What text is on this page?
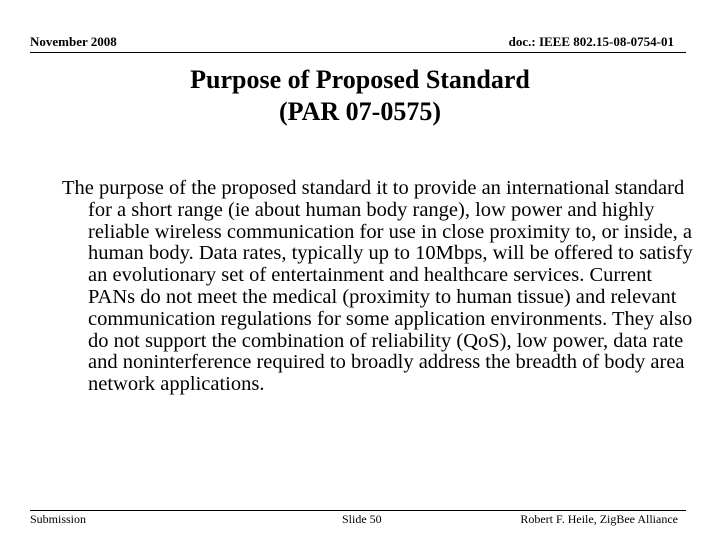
November 2008	doc.: IEEE 802.15-08-0754-01
Purpose of Proposed Standard
(PAR 07-0575)
The purpose of the proposed standard it to provide an international standard for a short range (ie about human body range), low power and highly reliable wireless communication for use in close proximity to, or inside, a human body. Data rates, typically up to 10Mbps, will be offered to satisfy an evolutionary set of entertainment and healthcare services. Current PANs do not meet the medical (proximity to human tissue) and relevant communication regulations for some application environments. They also do not support the combination of reliability (QoS), low power, data rate and noninterference required to broadly address the breadth of body area network applications.
Submission	Slide 50	Robert F. Heile, ZigBee Alliance
